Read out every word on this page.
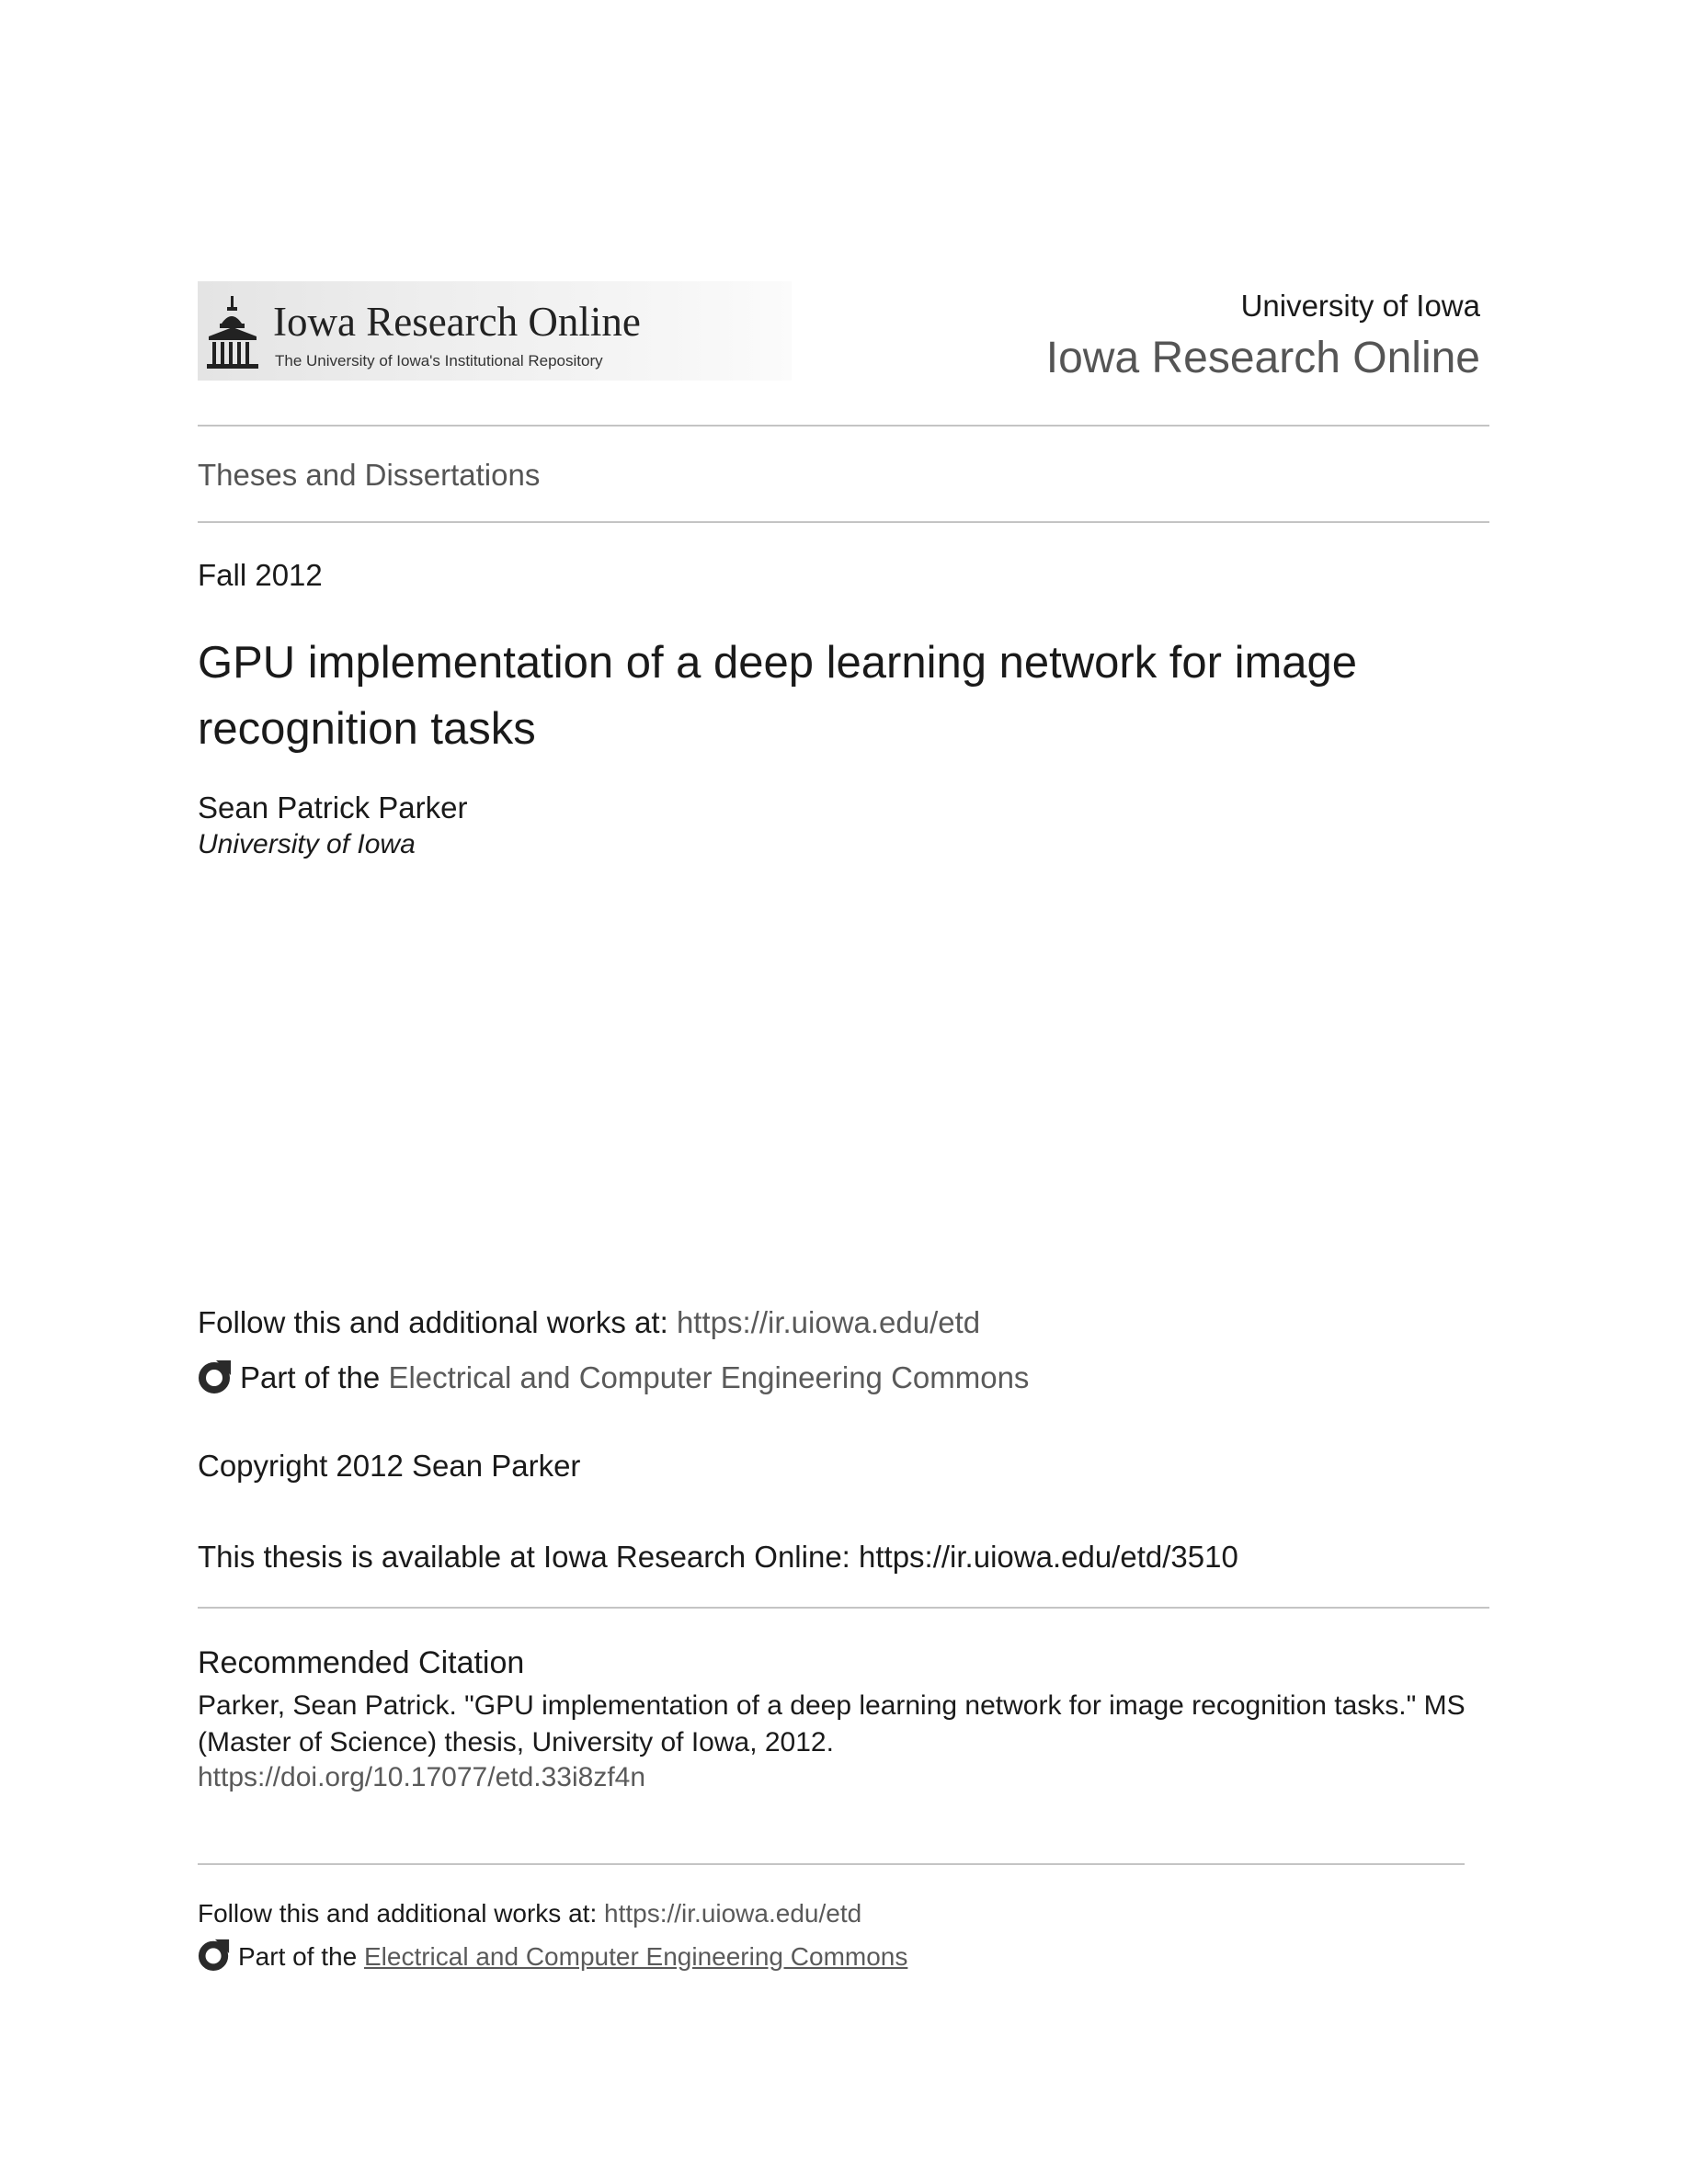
Iowa Research Online
The University of Iowa's Institutional Repository
University of Iowa
Iowa Research Online
Theses and Dissertations
Fall 2012
GPU implementation of a deep learning network for image recognition tasks
Sean Patrick Parker
University of Iowa
Follow this and additional works at: https://ir.uiowa.edu/etd
Part of the Electrical and Computer Engineering Commons
Copyright 2012 Sean Parker
This thesis is available at Iowa Research Online: https://ir.uiowa.edu/etd/3510
Recommended Citation
Parker, Sean Patrick. "GPU implementation of a deep learning network for image recognition tasks." MS (Master of Science) thesis, University of Iowa, 2012.
https://doi.org/10.17077/etd.33i8zf4n
Follow this and additional works at: https://ir.uiowa.edu/etd
Part of the Electrical and Computer Engineering Commons
